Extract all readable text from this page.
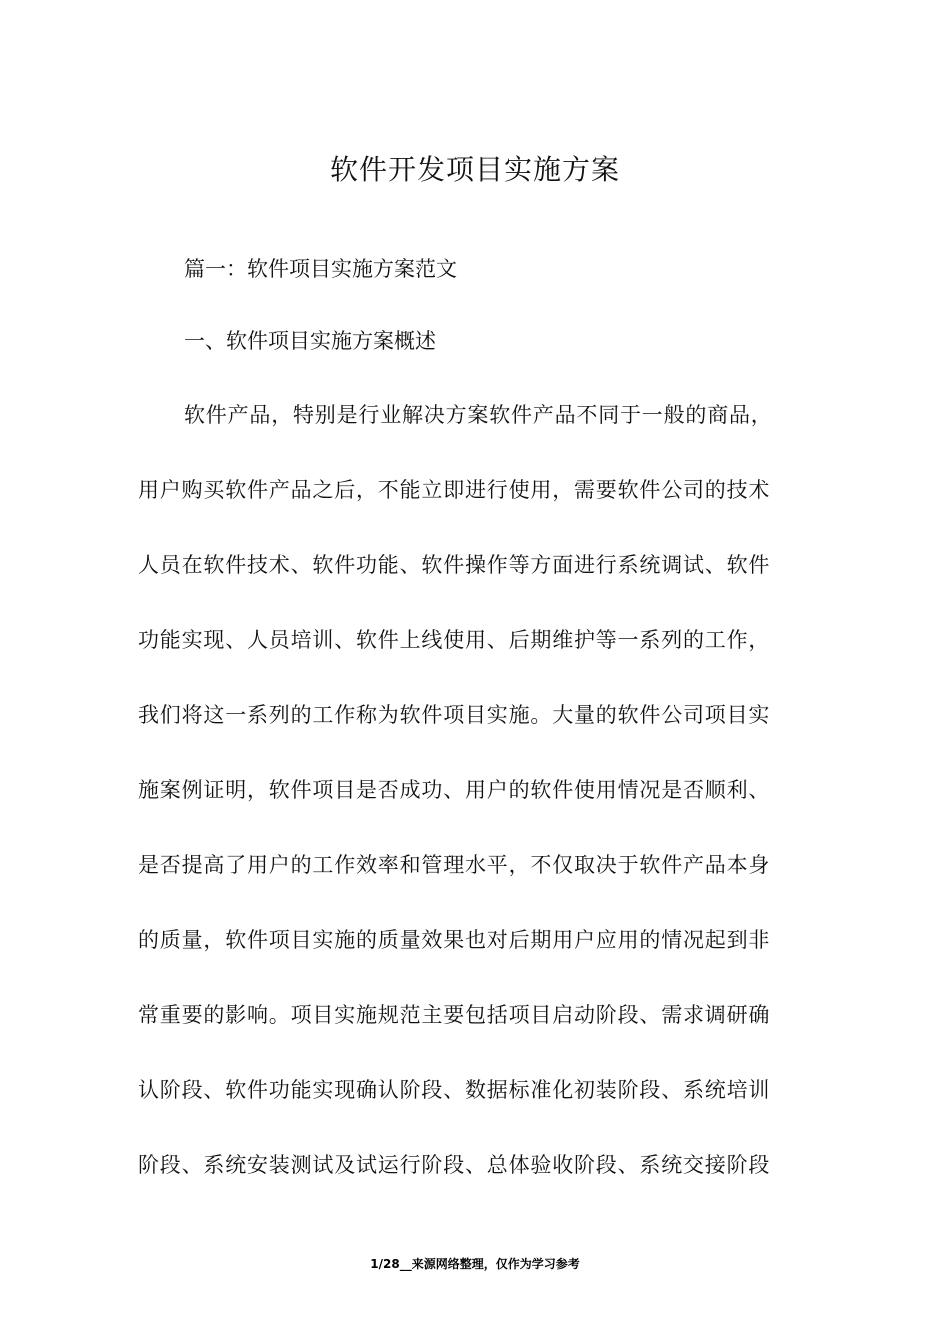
软件开发项目实施方案
篇一：软件项目实施方案范文
一、软件项目实施方案概述
软件产品，特别是行业解决方案软件产品不同于一般的商品，
用户购买软件产品之后，不能立即进行使用，需要软件公司的技术
人员在软件技术、软件功能、软件操作等方面进行系统调试、软件
功能实现、人员培训、软件上线使用、后期维护等一系列的工作，
我们将这一系列的工作称为软件项目实施。大量的软件公司项目实
施案例证明，软件项目是否成功、用户的软件使用情况是否顺利、
是否提高了用户的工作效率和管理水平，不仅取决于软件产品本身
的质量，软件项目实施的质量效果也对后期用户应用的情况起到非
常重要的影响。项目实施规范主要包括项目启动阶段、需求调研确
认阶段、软件功能实现确认阶段、数据标准化初装阶段、系统培训
阶段、系统安装测试及试运行阶段、总体验收阶段、系统交接阶段
1/28__来源网络整理，仅作为学习参考
